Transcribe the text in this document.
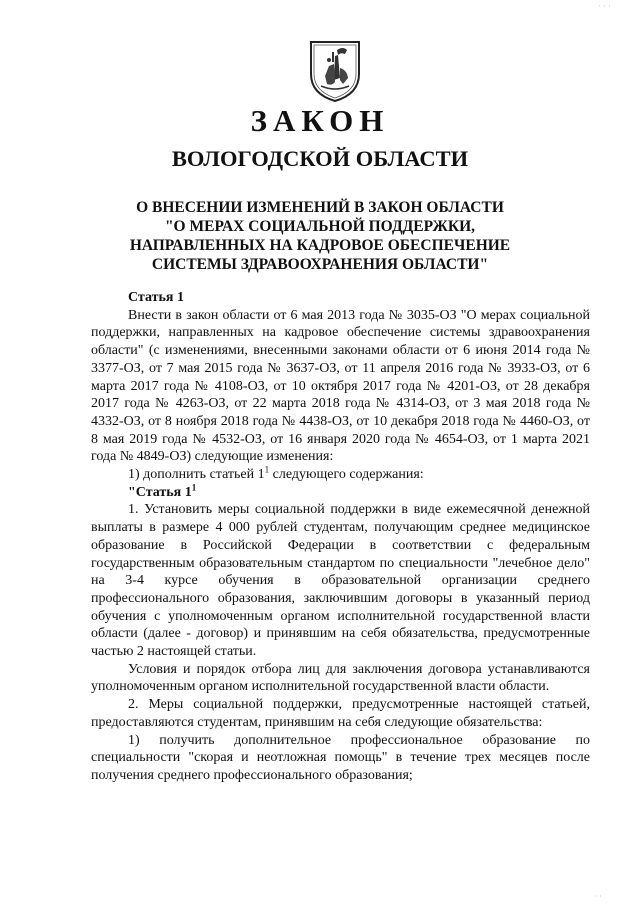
ЗАКОН
ВОЛОГОДСКОЙ ОБЛАСТИ
О ВНЕСЕНИИ ИЗМЕНЕНИЙ В ЗАКОН ОБЛАСТИ
"О МЕРАХ СОЦИАЛЬНОЙ ПОДДЕРЖКИ,
НАПРАВЛЕННЫХ НА КАДРОВОЕ ОБЕСПЕЧЕНИЕ
СИСТЕМЫ ЗДРАВООХРАНЕНИЯ ОБЛАСТИ"

Статья 1

Внести в закон области от 6 мая 2013 года № 3035-ОЗ "О мерах социальной поддержки, направленных на кадровое обеспечение системы здравоохранения области" (с изменениями, внесенными законами области от 6 июня 2014 года № 3377-ОЗ, от 7 мая 2015 года № 3637-ОЗ, от 11 апреля 2016 года № 3933-ОЗ, от 6 марта 2017 года № 4108-ОЗ, от 10 октября 2017 года № 4201-ОЗ, от 28 декабря 2017 года № 4263-ОЗ, от 22 марта 2018 года № 4314-ОЗ, от 3 мая 2018 года № 4332-ОЗ, от 8 ноября 2018 года № 4438-ОЗ, от 10 декабря 2018 года № 4460-ОЗ, от 8 мая 2019 года № 4532-ОЗ, от 16 января 2020 года № 4654-ОЗ, от 1 марта 2021 года № 4849-ОЗ) следующие изменения:

1) дополнить статьей $1^1$ следующего содержания:

"Статья $1^1$

1. Установить меры социальной поддержки в виде ежемесячной денежной выплаты в размере 4 000 рублей студентам, получающим среднее медицинское образование в Российской Федерации в соответствии с федеральным государственным образовательным стандартом по специальности "лечебное дело" на 3-4 курсе обучения в образовательной организации среднего профессионального образования, заключившим договоры в указанный период обучения с уполномоченным органом исполнительной государственной власти области (далее - договор) и принявшим на себя обязательства, предусмотренные частью 2 настоящей статьи.

Условия и порядок отбора лиц для заключения договора устанавливаются уполномоченным органом исполнительной государственной власти области.

2. Меры социальной поддержки, предусмотренные настоящей статьей, предоставляются студентам, принявшим на себя следующие обязательства:

1) получить дополнительное профессиональное образование по специальности "скорая и неотложная помощь" в течение трех месяцев после получения среднего профессионального образования;

· · ·
· ·
